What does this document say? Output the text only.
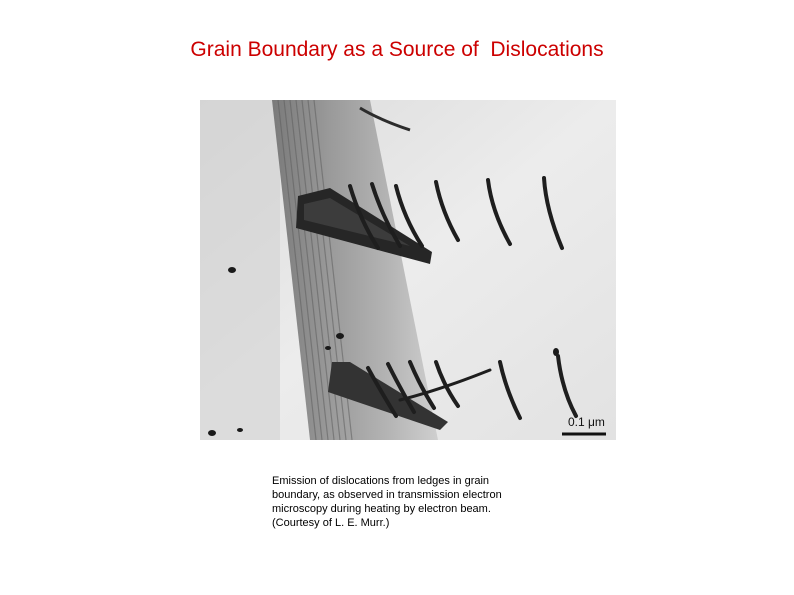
Grain Boundary as a Source of  Dislocations
0.1 μm
Emission of dislocations from ledges in grain
boundary, as observed in transmission electron
microscopy during heating by electron beam.
(Courtesy of L. E. Murr.)
